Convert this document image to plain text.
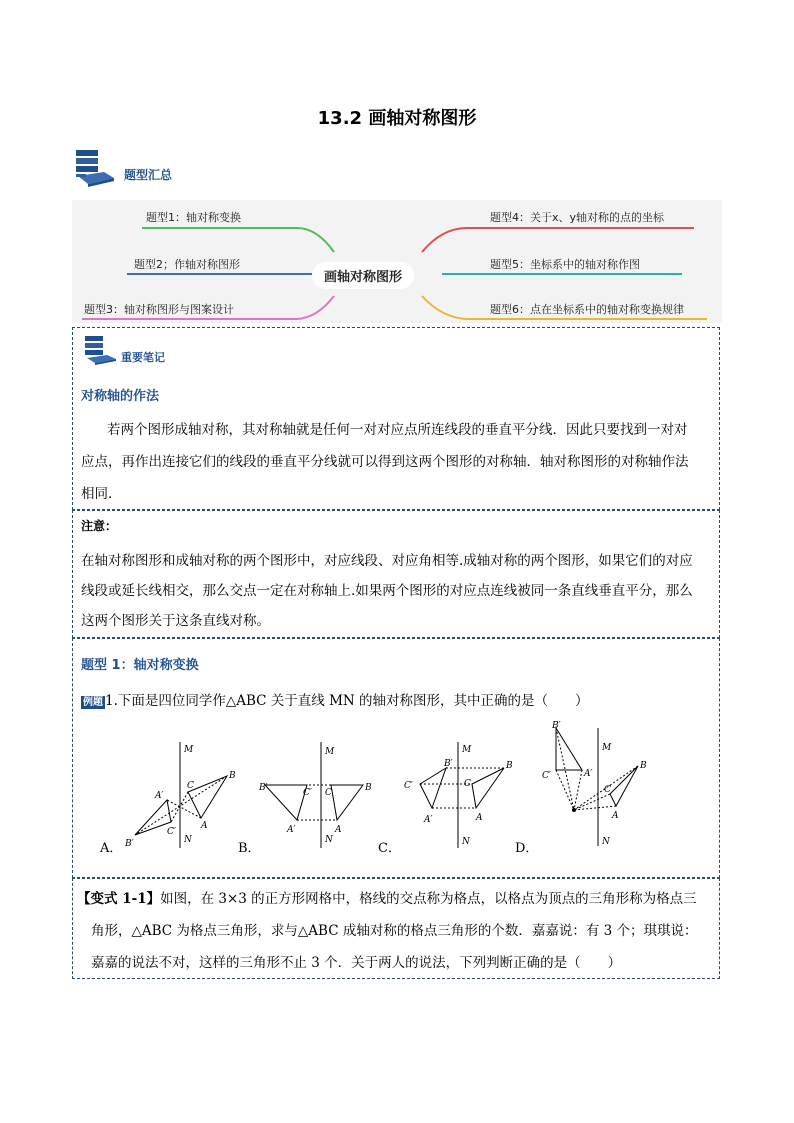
13.2 画轴对称图形
题型汇总
题型1：轴对称变换
题型2；作轴对称图形
题型3：轴对称图形与图案设计
画轴对称图形
题型4：关于x、y轴对称的点的坐标
题型5：坐标系中的轴对称作图
题型6：点在坐标系中的轴对称变换规律
重要笔记
对称轴的作法
若两个图形成轴对称，其对称轴就是任何一对对应点所连线段的垂直平分线．因此只要找到一对对
应点，再作出连接它们的线段的垂直平分线就可以得到这两个图形的对称轴．轴对称图形的对称轴作法
相同．
注意：
在轴对称图形和成轴对称的两个图形中，对应线段、对应角相等.成轴对称的两个图形，如果它们的对应
线段或延长线相交，那么交点一定在对称轴上.如果两个图形的对应点连线被同一条直线垂直平分，那么
这两个图形关于这条直线对称。
题型 1：轴对称变换
例题 1.下面是四位同学作△ABC 关于直线 MN 的轴对称图形，其中正确的是（　　）
A．
M
N
B
C
A
A′
C′
B′	B．
M
N
B′	C′
A′
B
C
A
C．
M
N
B′
C′
A′
B
C
A
D．
M
N
B′
C′	A′
B
C
A
【变式 1-1】如图，在 3×3 的正方形网格中，格线的交点称为格点，以格点为顶点的三角形称为格点三
角形，△ABC 为格点三角形，求与△ABC 成轴对称的格点三角形的个数．嘉嘉说：有 3 个；琪琪说：
嘉嘉的说法不对，这样的三角形不止 3 个．关于两人的说法，下列判断正确的是（　　）
